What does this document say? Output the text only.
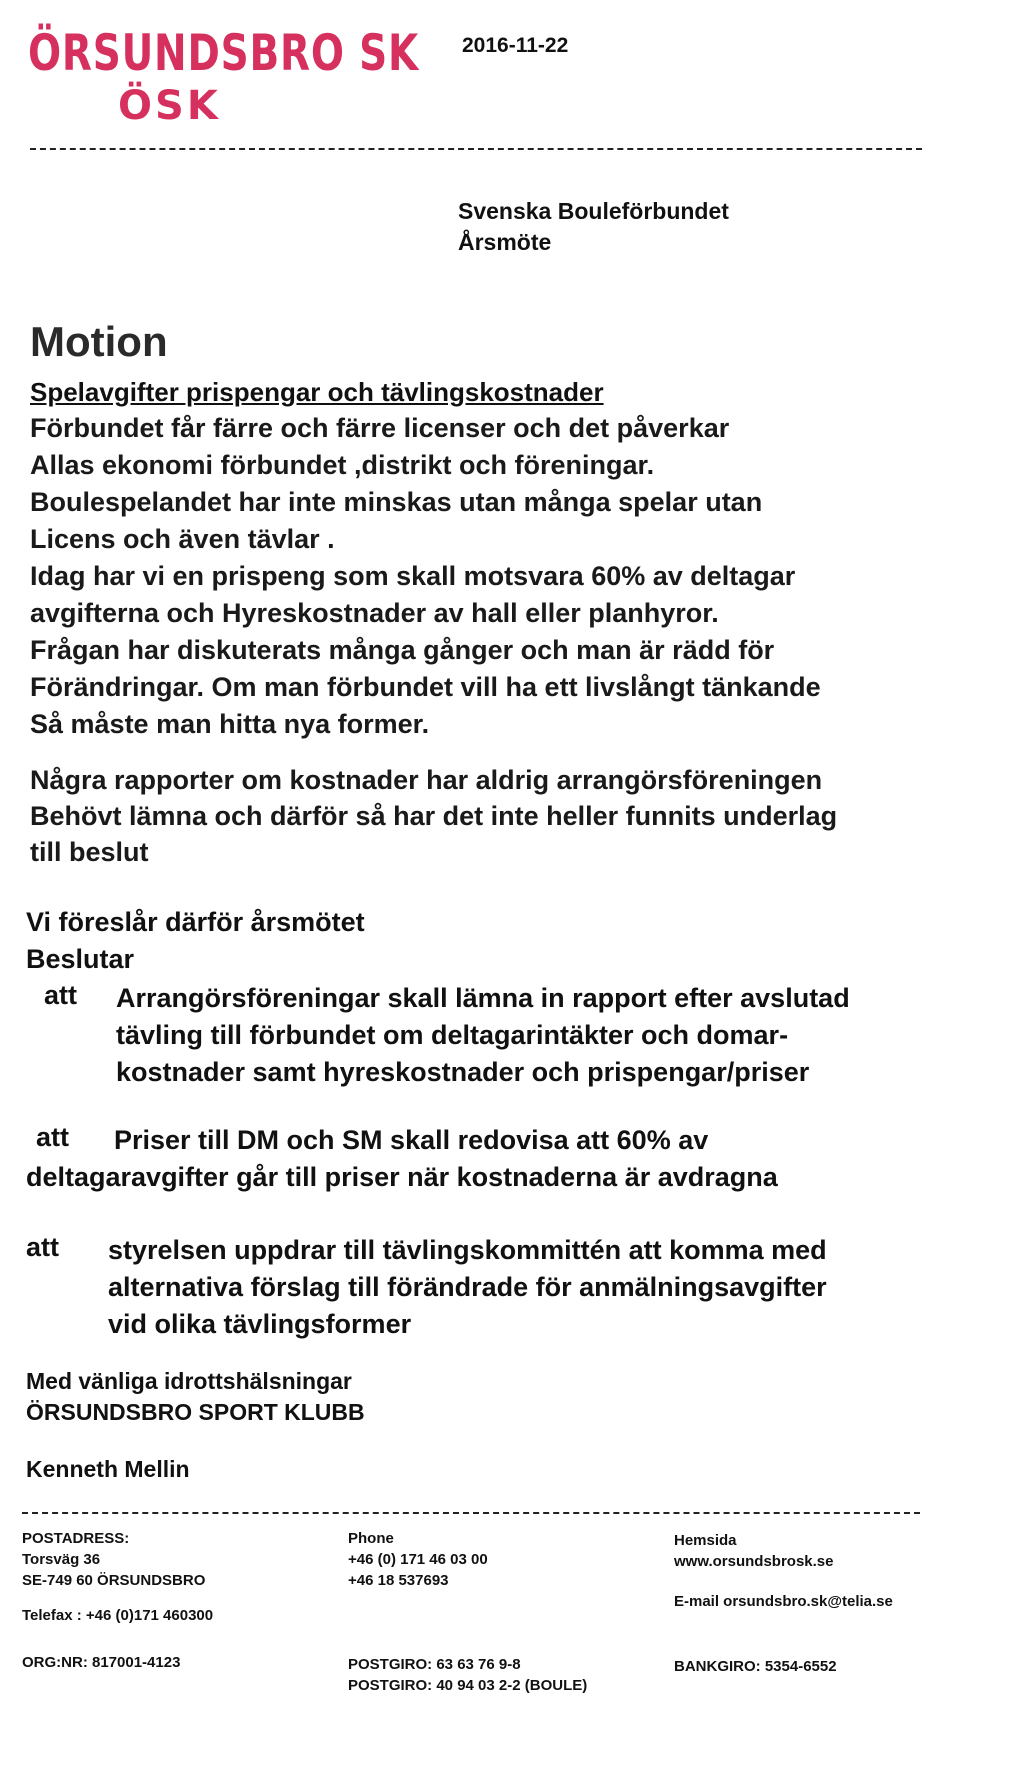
ÖRSUNDSBRO SK
ÖSK
2016-11-22
Svenska Bouleförbundet
Årsmöte
Motion
Spelavgifter prispengar och tävlingskostnader
Förbundet får färre och färre licenser och det påverkar
Allas ekonomi förbundet ,distrikt och föreningar.
Boulespelandet har inte minskas utan många spelar utan
Licens och även tävlar .
Idag har vi en prispeng som skall motsvara 60% av deltagar
avgifterna och Hyreskostnader av hall eller planhyror.
Frågan har diskuterats många gånger och man är rädd för
Förändringar. Om man förbundet vill ha ett livslångt tänkande
Så måste man hitta nya former.
Några rapporter om kostnader har aldrig arrangörsföreningen
Behövt lämna och därför så har det inte heller funnits underlag
till beslut
Vi föreslår därför årsmötet
Beslutar
att Arrangörsföreningar skall lämna in rapport efter avslutad
tävling till förbundet om deltagarintäkter och domar-
kostnader samt hyreskostnader och prispengar/priser
att	Priser till DM och SM skall redovisa att 60% av
deltagaravgifter går till priser när kostnaderna är avdragna
att styrelsen uppdrar till tävlingskommittén att komma med
alternativa förslag till förändrade för anmälningsavgifter
vid olika tävlingsformer
Med vänliga idrottshälsningar
ÖRSUNDSBRO SPORT KLUBB
Kenneth Mellin
POSTADRESS:
Torsväg 36
SE-749 60 ÖRSUNDSBRO
Telefax : +46 (0)171 460300
ORG:NR: 817001-4123
Phone
+46 (0) 171 46 03 00
+46 18 537693
POSTGIRO: 63 63 76 9-8
POSTGIRO: 40 94 03 2-2 (BOULE)
Hemsida
www.orsundsbrosk.se
E-mail orsundsbro.sk@telia.se
BANKGIRO: 5354-6552
